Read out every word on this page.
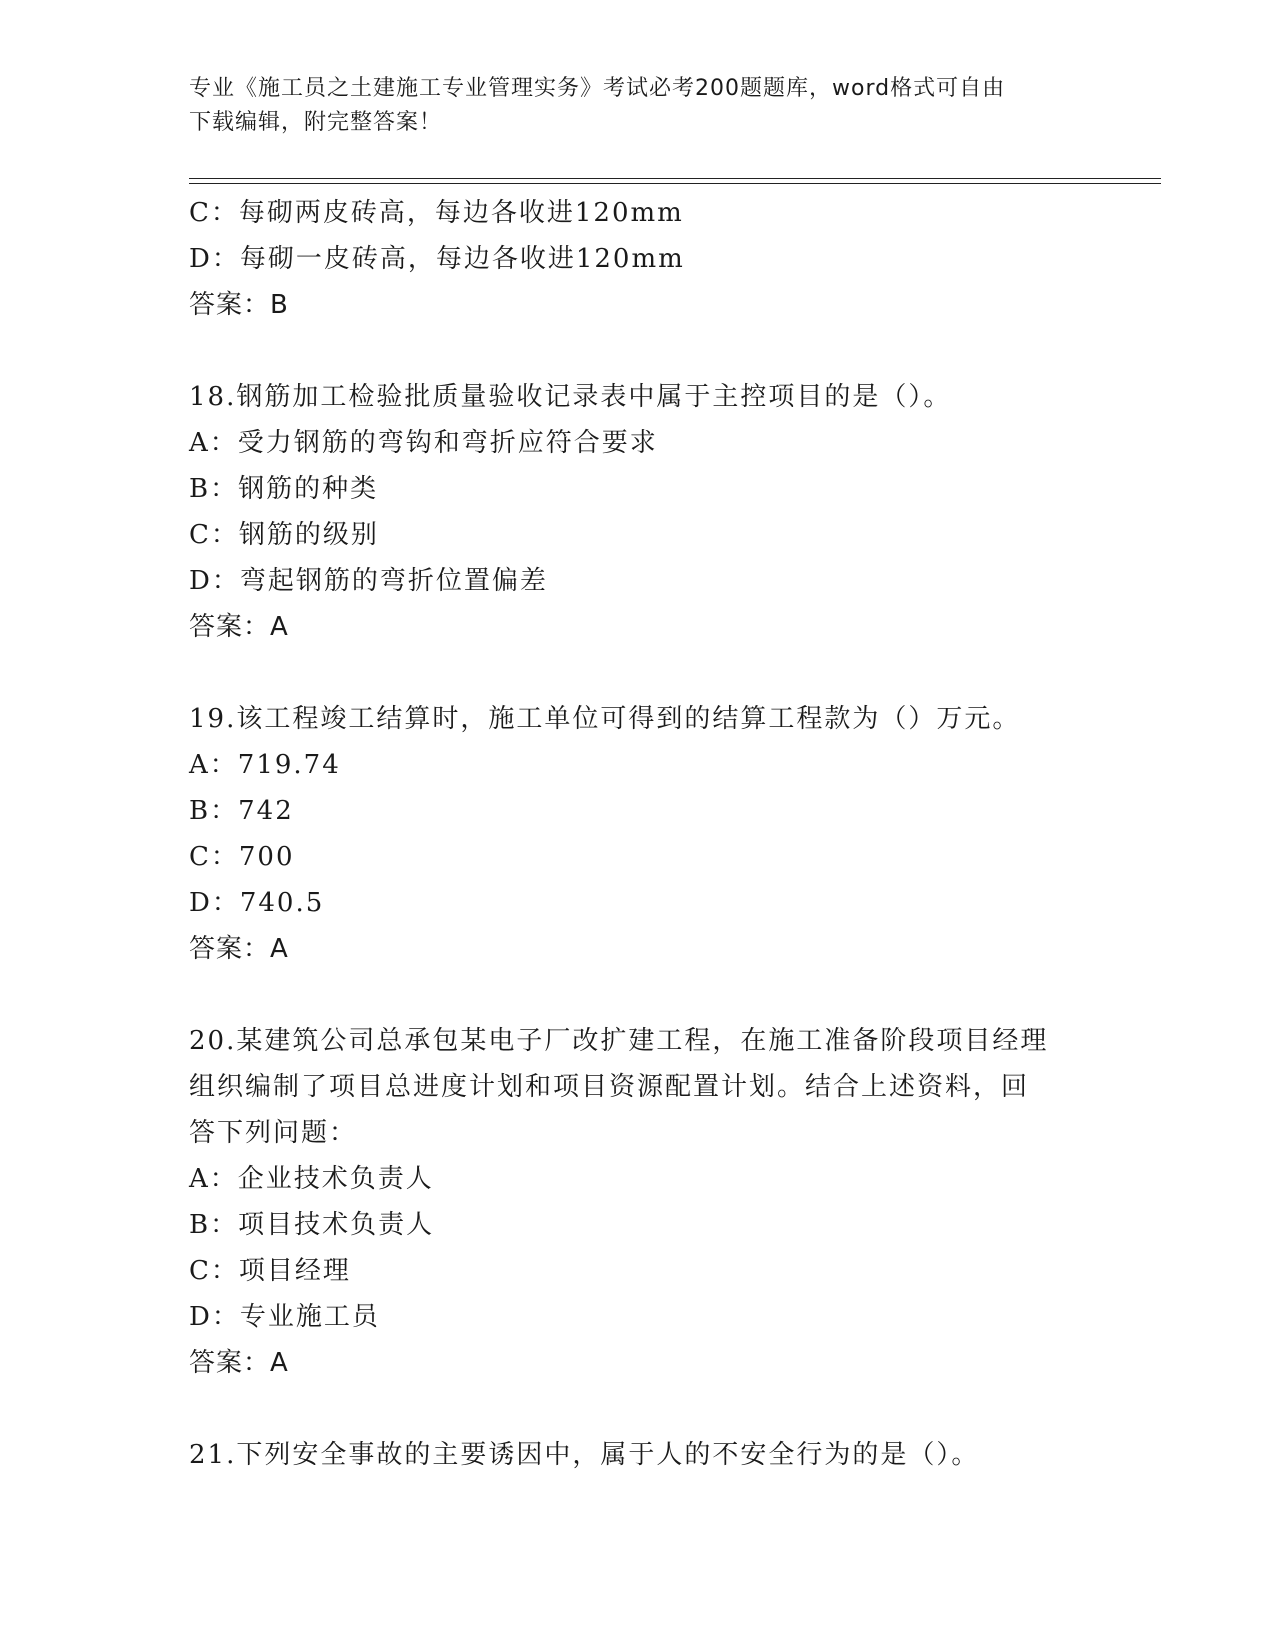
专业《施工员之土建施工专业管理实务》考试必考200题题库，word格式可自由
下载编辑，附完整答案！
C：每砌两皮砖高，每边各收进120mm
D：每砌一皮砖高，每边各收进120mm
答案：B
18.钢筋加工检验批质量验收记录表中属于主控项目的是（）。
A：受力钢筋的弯钩和弯折应符合要求
B：钢筋的种类
C：钢筋的级别
D：弯起钢筋的弯折位置偏差
答案：A
19.该工程竣工结算时，施工单位可得到的结算工程款为（）万元。
A：719.74
B：742
C：700
D：740.5
答案：A
20.某建筑公司总承包某电子厂改扩建工程，在施工准备阶段项目经理
组织编制了项目总进度计划和项目资源配置计划。结合上述资料，回
答下列问题：
A：企业技术负责人
B：项目技术负责人
C：项目经理
D：专业施工员
答案：A
21.下列安全事故的主要诱因中，属于人的不安全行为的是（）。
